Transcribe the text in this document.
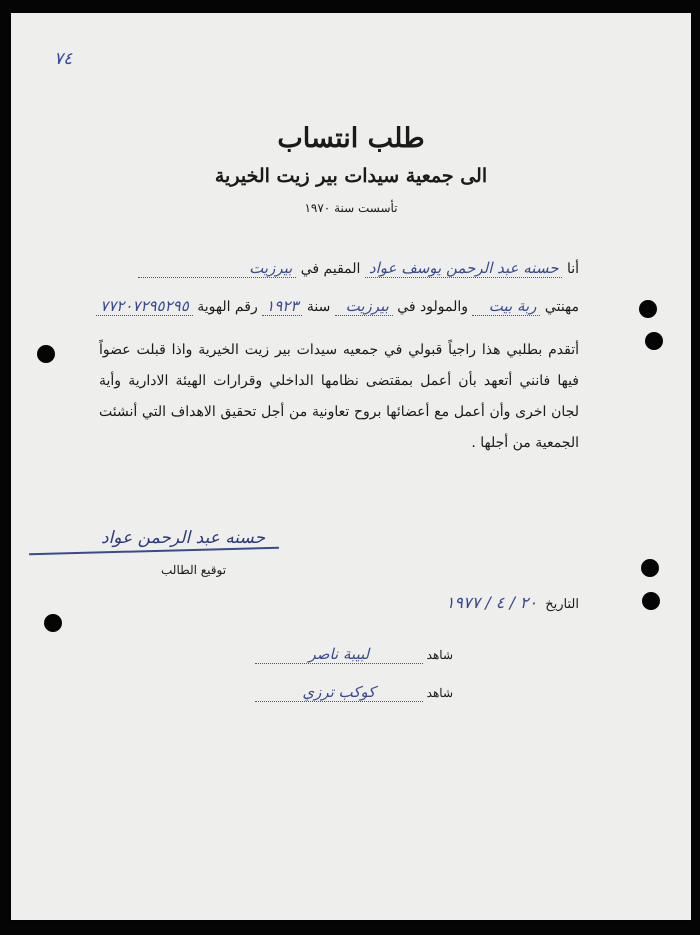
٧٤
طلب انتساب
الى جمعية سيدات بير زيت الخيرية
تأسست سنة ١٩٧٠
أنا حسنه عبد الرحمن يوسف عواد المقيم في بيرزيت
مهنتي ربة بيت والمولود في بيرزيت سنة ١٩٢٣ رقم الهوية ٧٧٢٠٧٢٩٥٢٩٥
أتقدم بطلبي هذا راجياً قبولي في جمعيه سيدات بير زيت الخيرية واذا قبلت عضواً فيها فانني أتعهد بأن أعمل بمقتضى نظامها الداخلي وقرارات الهيئة الادارية وأية لجان اخرى وأن أعمل مع أعضائها بروح تعاونية من أجل تحقيق الاهداف التي أنشئت الجمعية من أجلها .
حسنه عبد الرحمن عواد
توقيع الطالب
التاريخ ٢٠ / ٤ / ١٩٧٧
شاهد لبيبة ناصر
شاهد كوكب ترزي
